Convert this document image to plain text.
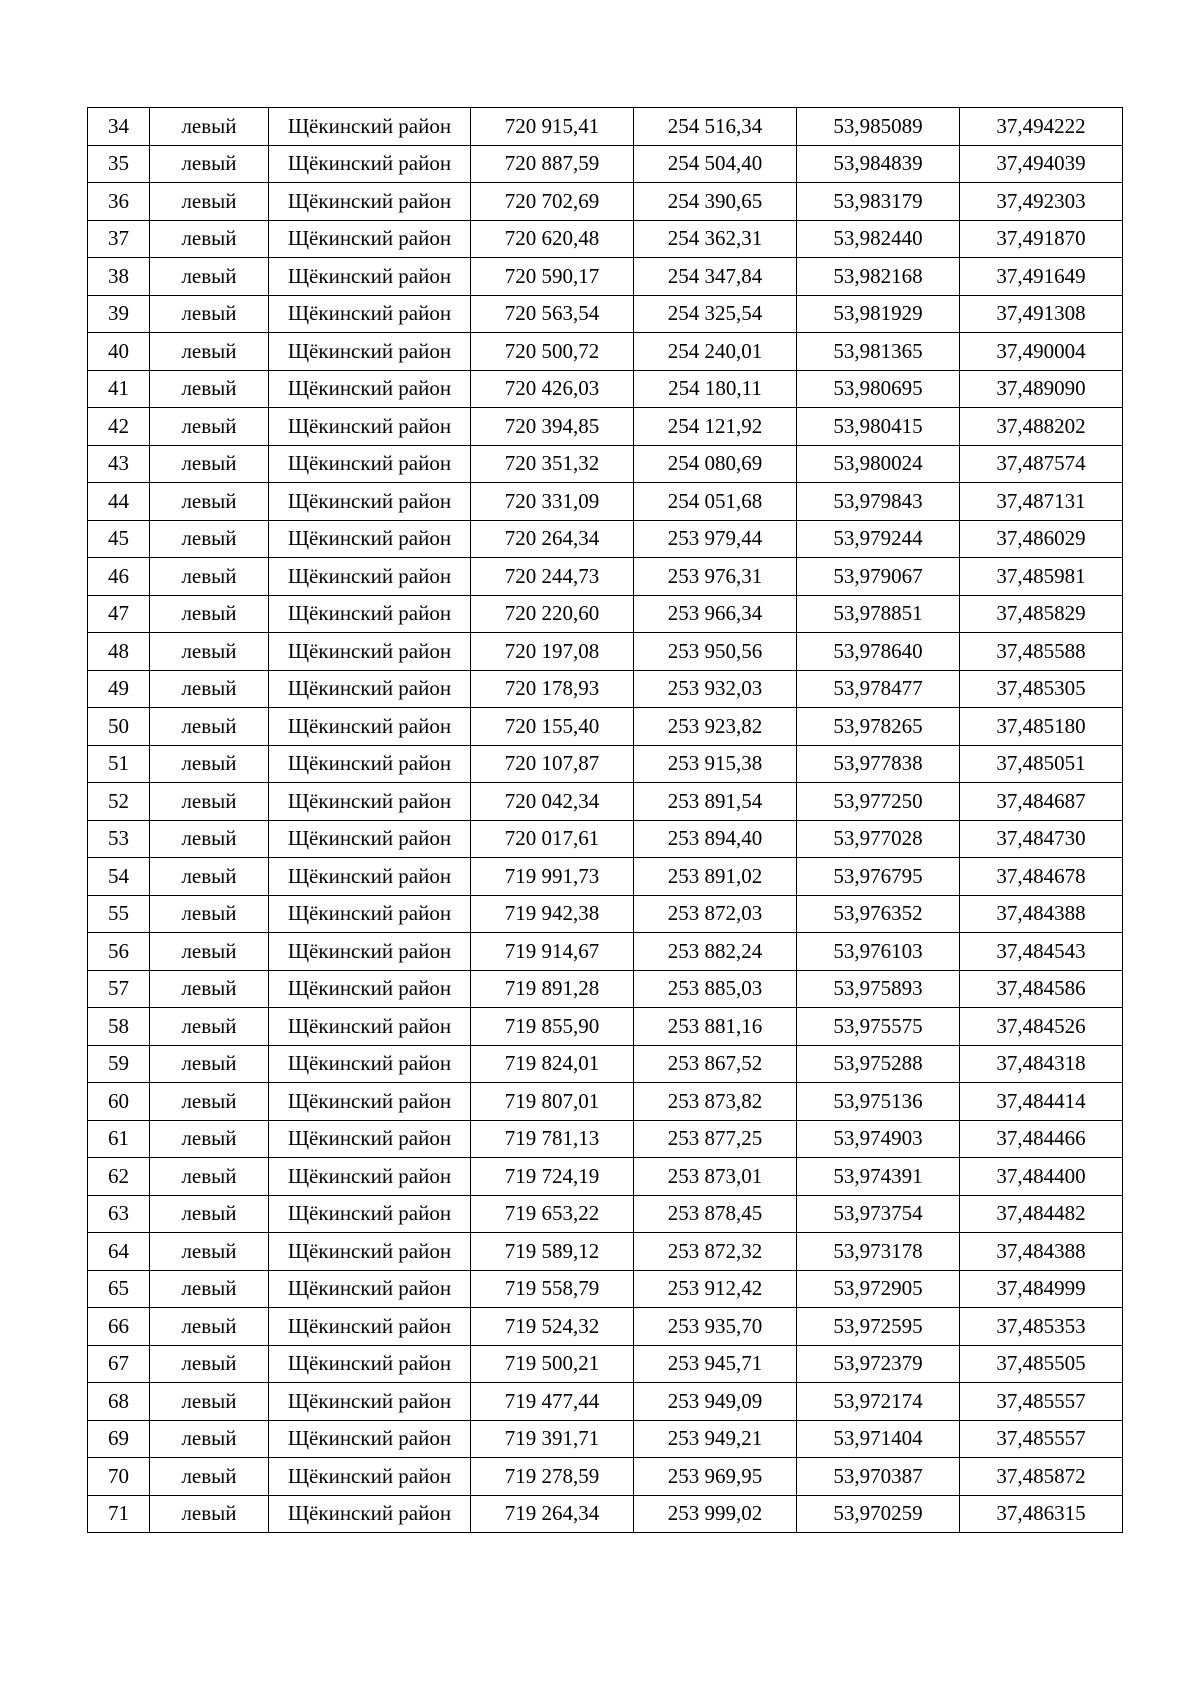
34	левый	Щёкинский район	720 915,41	254 516,34	53,985089	37,494222
35	левый	Щёкинский район	720 887,59	254 504,40	53,984839	37,494039
36	левый	Щёкинский район	720 702,69	254 390,65	53,983179	37,492303
37	левый	Щёкинский район	720 620,48	254 362,31	53,982440	37,491870
38	левый	Щёкинский район	720 590,17	254 347,84	53,982168	37,491649
39	левый	Щёкинский район	720 563,54	254 325,54	53,981929	37,491308
40	левый	Щёкинский район	720 500,72	254 240,01	53,981365	37,490004
41	левый	Щёкинский район	720 426,03	254 180,11	53,980695	37,489090
42	левый	Щёкинский район	720 394,85	254 121,92	53,980415	37,488202
43	левый	Щёкинский район	720 351,32	254 080,69	53,980024	37,487574
44	левый	Щёкинский район	720 331,09	254 051,68	53,979843	37,487131
45	левый	Щёкинский район	720 264,34	253 979,44	53,979244	37,486029
46	левый	Щёкинский район	720 244,73	253 976,31	53,979067	37,485981
47	левый	Щёкинский район	720 220,60	253 966,34	53,978851	37,485829
48	левый	Щёкинский район	720 197,08	253 950,56	53,978640	37,485588
49	левый	Щёкинский район	720 178,93	253 932,03	53,978477	37,485305
50	левый	Щёкинский район	720 155,40	253 923,82	53,978265	37,485180
51	левый	Щёкинский район	720 107,87	253 915,38	53,977838	37,485051
52	левый	Щёкинский район	720 042,34	253 891,54	53,977250	37,484687
53	левый	Щёкинский район	720 017,61	253 894,40	53,977028	37,484730
54	левый	Щёкинский район	719 991,73	253 891,02	53,976795	37,484678
55	левый	Щёкинский район	719 942,38	253 872,03	53,976352	37,484388
56	левый	Щёкинский район	719 914,67	253 882,24	53,976103	37,484543
57	левый	Щёкинский район	719 891,28	253 885,03	53,975893	37,484586
58	левый	Щёкинский район	719 855,90	253 881,16	53,975575	37,484526
59	левый	Щёкинский район	719 824,01	253 867,52	53,975288	37,484318
60	левый	Щёкинский район	719 807,01	253 873,82	53,975136	37,484414
61	левый	Щёкинский район	719 781,13	253 877,25	53,974903	37,484466
62	левый	Щёкинский район	719 724,19	253 873,01	53,974391	37,484400
63	левый	Щёкинский район	719 653,22	253 878,45	53,973754	37,484482
64	левый	Щёкинский район	719 589,12	253 872,32	53,973178	37,484388
65	левый	Щёкинский район	719 558,79	253 912,42	53,972905	37,484999
66	левый	Щёкинский район	719 524,32	253 935,70	53,972595	37,485353
67	левый	Щёкинский район	719 500,21	253 945,71	53,972379	37,485505
68	левый	Щёкинский район	719 477,44	253 949,09	53,972174	37,485557
69	левый	Щёкинский район	719 391,71	253 949,21	53,971404	37,485557
70	левый	Щёкинский район	719 278,59	253 969,95	53,970387	37,485872
71	левый	Щёкинский район	719 264,34	253 999,02	53,970259	37,486315
